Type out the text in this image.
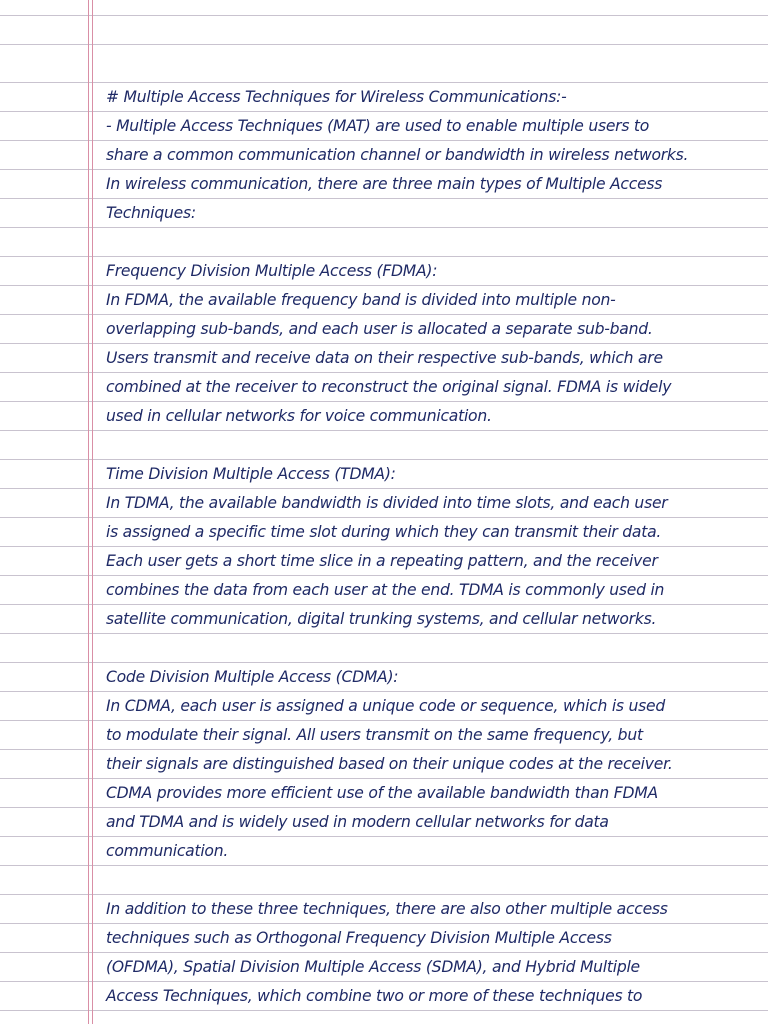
# Multiple Access Techniques for Wireless Communications:-
- Multiple Access Techniques (MAT) are used to enable multiple users to
share a common communication channel or bandwidth in wireless networks.
In wireless communication, there are three main types of Multiple Access
Techniques:
Frequency Division Multiple Access (FDMA):
In FDMA, the available frequency band is divided into multiple non-
overlapping sub-bands, and each user is allocated a separate sub-band.
Users transmit and receive data on their respective sub-bands, which are
combined at the receiver to reconstruct the original signal. FDMA is widely
used in cellular networks for voice communication.
Time Division Multiple Access (TDMA):
In TDMA, the available bandwidth is divided into time slots, and each user
is assigned a specific time slot during which they can transmit their data.
Each user gets a short time slice in a repeating pattern, and the receiver
combines the data from each user at the end. TDMA is commonly used in
satellite communication, digital trunking systems, and cellular networks.
Code Division Multiple Access (CDMA):
In CDMA, each user is assigned a unique code or sequence, which is used
to modulate their signal. All users transmit on the same frequency, but
their signals are distinguished based on their unique codes at the receiver.
CDMA provides more efficient use of the available bandwidth than FDMA
and TDMA and is widely used in modern cellular networks for data
communication.
In addition to these three techniques, there are also other multiple access
techniques such as Orthogonal Frequency Division Multiple Access
(OFDMA), Spatial Division Multiple Access (SDMA), and Hybrid Multiple
Access Techniques, which combine two or more of these techniques to
